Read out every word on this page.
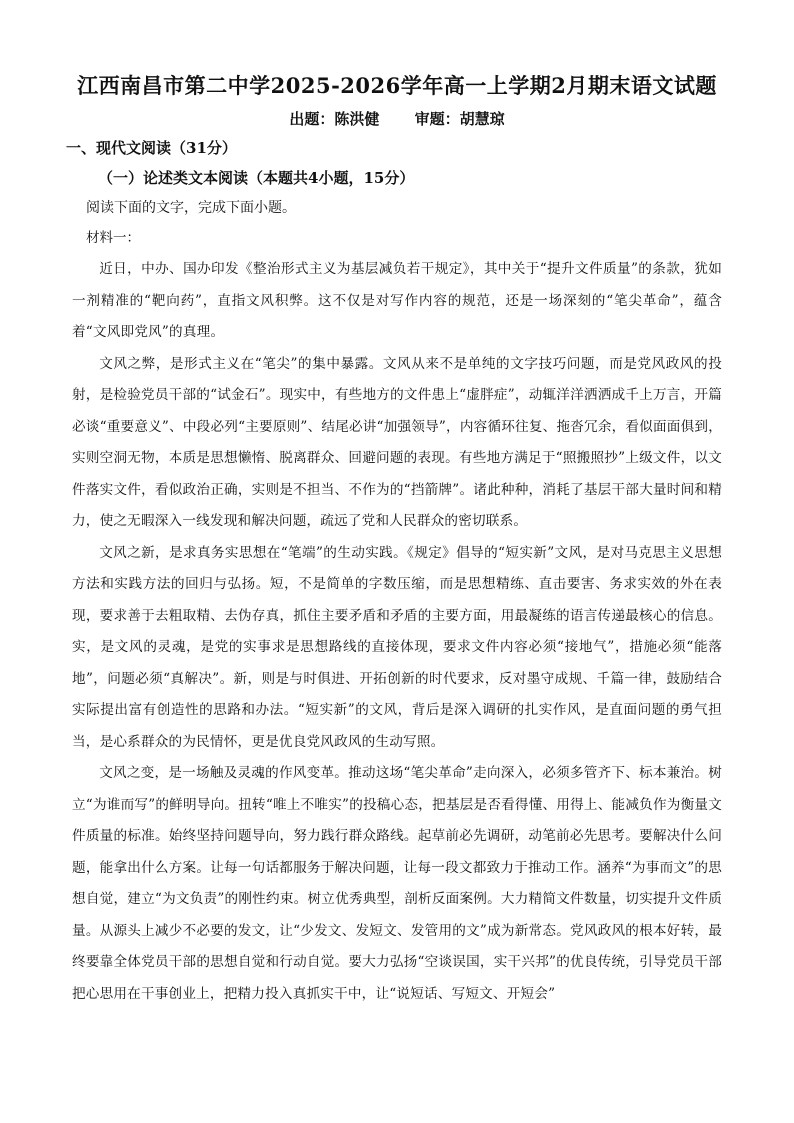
江西南昌市第二中学2025-2026学年高一上学期2月期末语文试题
出题：陈洪健 审题：胡慧琼
一、现代文阅读（31分）
（一）论述类文本阅读（本题共4小题，15分）
阅读下面的文字，完成下面小题。
材料一：

近日，中办、国办印发《整治形式主义为基层减负若干规定》，其中关于“提升文件质量”的条款，犹如一剂精准的“靶向药”，直指文风积弊。这不仅是对写作内容的规范，还是一场深刻的“笔尖革命”，蕴含着“文风即党风”的真理。

文风之弊，是形式主义在“笔尖”的集中暴露。文风从来不是单纯的文字技巧问题，而是党风政风的投射，是检验党员干部的“试金石”。现实中，有些地方的文件患上“虚胖症”，动辄洋洋洒洒成千上万言，开篇必谈“重要意义”、中段必列“主要原则”、结尾必讲“加强领导”，内容循环往复、拖沓冗余，看似面面俱到，实则空洞无物，本质是思想懒惰、脱离群众、回避问题的表现。有些地方满足于“照搬照抄”上级文件，以文件落实文件，看似政治正确，实则是不担当、不作为的“挡箭牌”。诸此种种，消耗了基层干部大量时间和精力，使之无暇深入一线发现和解决问题，疏远了党和人民群众的密切联系。

文风之新，是求真务实思想在“笔端”的生动实践。《规定》倡导的“短实新”文风，是对马克思主义思想方法和实践方法的回归与弘扬。短，不是简单的字数压缩，而是思想精练、直击要害、务求实效的外在表现，要求善于去粗取精、去伪存真，抓住主要矛盾和矛盾的主要方面，用最凝练的语言传递最核心的信息。实，是文风的灵魂，是党的实事求是思想路线的直接体现，要求文件内容必须“接地气”，措施必须“能落地”，问题必须“真解决”。新，则是与时俱进、开拓创新的时代要求，反对墨守成规、千篇一律，鼓励结合实际提出富有创造性的思路和办法。“短实新”的文风，背后是深入调研的扎实作风，是直面问题的勇气担当，是心系群众的为民情怀，更是优良党风政风的生动写照。

文风之变，是一场触及灵魂的作风变革。推动这场“笔尖革命”走向深入，必须多管齐下、标本兼治。树立“为谁而写”的鲜明导向。扭转“唯上不唯实”的投稿心态，把基层是否看得懂、用得上、能减负作为衡量文件质量的标准。始终坚持问题导向，努力践行群众路线。起草前必先调研，动笔前必先思考。要解决什么问题，能拿出什么方案。让每一句话都服务于解决问题，让每一段文都致力于推动工作。涵养“为事而文”的思想自觉，建立“为文负责”的刚性约束。树立优秀典型，剖析反面案例。大力精简文件数量，切实提升文件质量。从源头上减少不必要的发文，让“少发文、发短文、发管用的文”成为新常态。党风政风的根本好转，最终要靠全体党员干部的思想自觉和行动自觉。要大力弘扬“空谈误国，实干兴邦”的优良传统，引导党员干部把心思用在干事创业上，把精力投入真抓实干中，让“说短话、写短文、开短会”
